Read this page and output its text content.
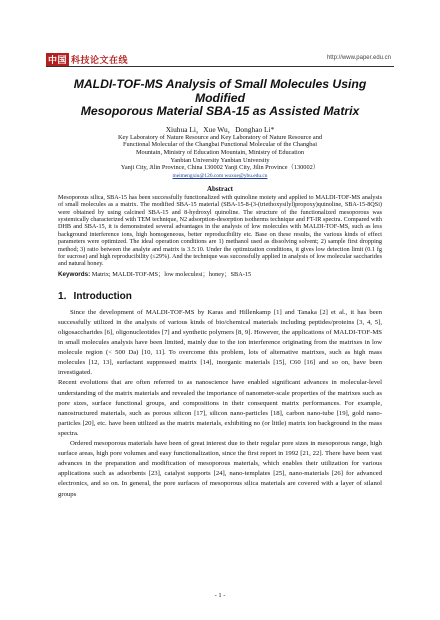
中国 科技论文在线	http://www.paper.edu.cn
MALDI-TOF-MS Analysis of Small Molecules Using Modified
Mesoporous Material SBA-15 as Assisted Matrix
Xiuhua Li，Xue Wu，Donghao Li*
Key Laboratory of Nature Resource and Key Laboratory of Nature Resource and
Functional Molecular of the Changbai Functional Molecular of the Changbai
Mountain, Ministry of Education Mountain, Ministry of Education
Yanbian University Yanbian University
Yanji City, Jilin Province, China 130002 Yanji City, Jilin Province（130002）
meimengxiu@126.com wuxue@ybu.edu.cn
Abstract
Mesoporous silica, SBA-15 has been successfully functionalized with quinoline moiety and applied to MALDI-TOF-MS analysis of small molecules as a matrix. The modified SBA-15 material (SBA-15-8-(3-(triethoxysilyl)propoxy)quinoline, SBA-15-8QSi) were obtained by using calcined SBA-15 and 8-hydroxyl quinoline. The structure of the functionalized mesoporous was systemically characterized with TEM technique, N2 adsorption-desorption isotherms technique and FT-IR spectra. Compared with DHB and SBA-15, it is demonstrated several advantages in the analysis of low molecules with MALDI-TOF-MS, such as less background interference ions, high homogeneous, better reproducibility etc. Base on these results, the various kinds of effect parameters were optimized. The ideal operation conditions are 1) methanol used as dissolving solvent; 2) sample first dropping method; 3) ratio between the analyte and matrix is 3.5:10. Under the optimization conditions, it gives low detection limit (0.1 fg for sucrose) and high reproducibility (≤29%). And the technique was successfully applied in analysis of low molecular saccharides and natural honey.
Keywords: Matrix; MALDI-TOF-MS；low moleculesi；honey；SBA-15
1．Introduction

Since the development of MALDI-TOF-MS by Karas and Hillenkamp [1] and Tanaka [2] et al., it has been successfully utilized in the analysis of various kinds of bio/chemical materials including peptides/proteins [3, 4, 5], oligosaccharides [6], oligonucleotides [7] and synthetic polymers [8, 9]. However, the applications of MALDI-TOF-MS in small molecules analysis have been limited, mainly due to the ion interference originating from the matrixes in low molecule region (< 500 Da) [10, 11]. To overcome this problem, lots of alternative matrixes, such as high mass molecules [12, 13], surfactant suppressed matrix [14], inorganic materials [15], C60 [16] and so on, have been investigated.

Recent evolutions that are often referred to as nanoscience have enabled significant advances in molecular-level understanding of the matrix materials and revealed the importance of nanometer-scale properties of the matrixes such as pore sizes, surface functional groups, and compositions in their consequent matrix performances. For example, nanostructured materials, such as porous silicon [17], silicon nano-particles [18], carbon nano-tube [19], gold nano-particles [20], etc. have been utilized as the matrix materials, exhibiting no (or little) matrix ion background in the mass spectra.

Ordered mesoporous materials have been of great interest due to their regular pore sizes in mesoporous range, high surface areas, high pore volumes and easy functionalization, since the first report in 1992 [21, 22]. There have been vast advances in the preparation and modification of mesoporous materials, which enables their utilization for various applications such as adsorbents [23], catalyst supports [24], nano-templates [25], nano-materials [26] for advanced electronics, and so on. In general, the pore surfaces of mesoporous silica materials are covered with a layer of silanol groups

- 1 -
